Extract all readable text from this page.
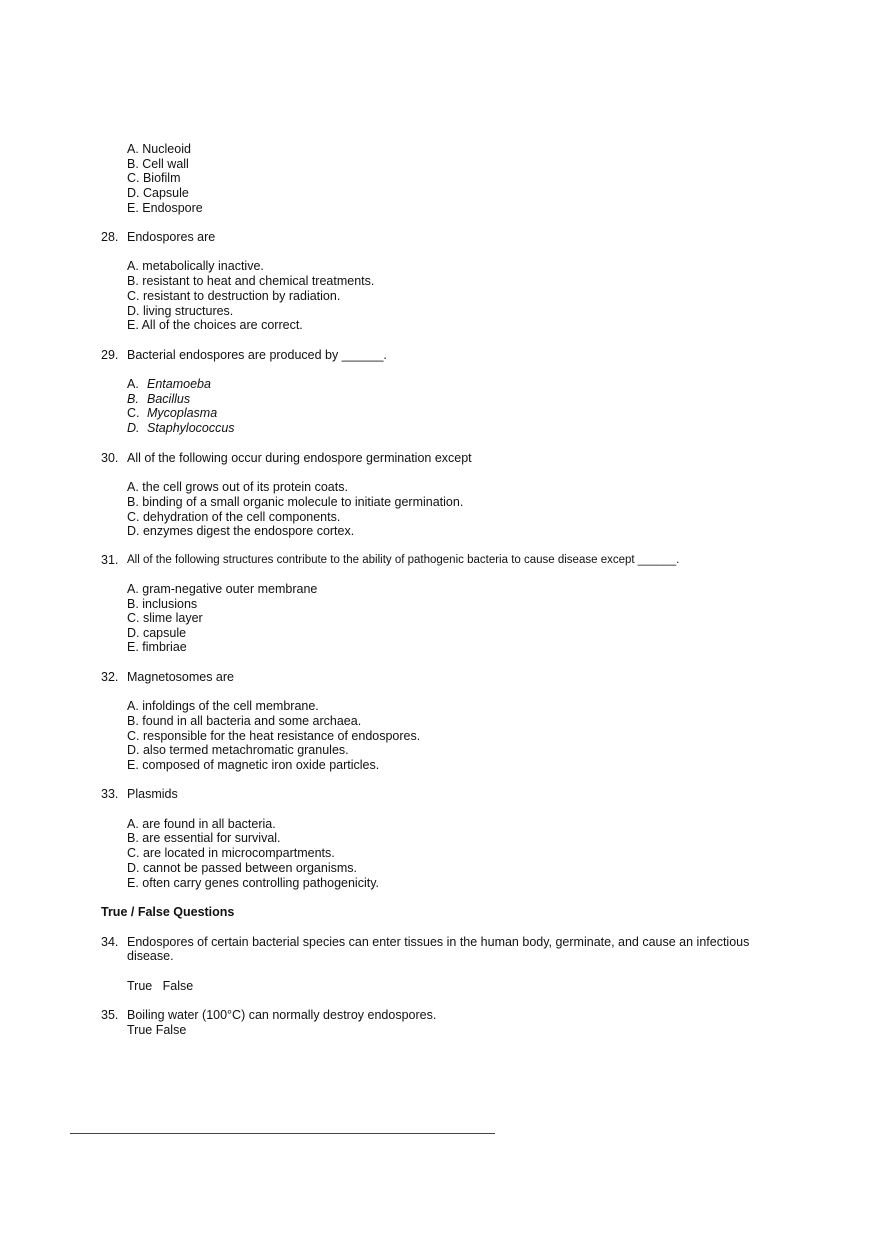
A. Nucleoid
B. Cell wall
C. Biofilm
D. Capsule
E. Endospore
28. Endospores are
A. metabolically inactive.
B. resistant to heat and chemical treatments.
C. resistant to destruction by radiation.
D. living structures.
E. All of the choices are correct.
29. Bacterial endospores are produced by ______.
A. Entamoeba
B. Bacillus
C. Mycoplasma
D. Staphylococcus
30. All of the following occur during endospore germination except
A. the cell grows out of its protein coats.
B. binding of a small organic molecule to initiate germination.
C. dehydration of the cell components.
D. enzymes digest the endospore cortex.
31. All of the following structures contribute to the ability of pathogenic bacteria to cause disease except ______.
A. gram-negative outer membrane
B. inclusions
C. slime layer
D. capsule
E. fimbriae
32. Magnetosomes are
A. infoldings of the cell membrane.
B. found in all bacteria and some archaea.
C. responsible for the heat resistance of endospores.
D. also termed metachromatic granules.
E. composed of magnetic iron oxide particles.
33. Plasmids
A. are found in all bacteria.
B. are essential for survival.
C. are located in microcompartments.
D. cannot be passed between organisms.
E. often carry genes controlling pathogenicity.
True / False Questions
34. Endospores of certain bacterial species can enter tissues in the human body, germinate, and cause an infectious
disease.
True   False
35. Boiling water (100°C) can normally destroy endospores.
True False
